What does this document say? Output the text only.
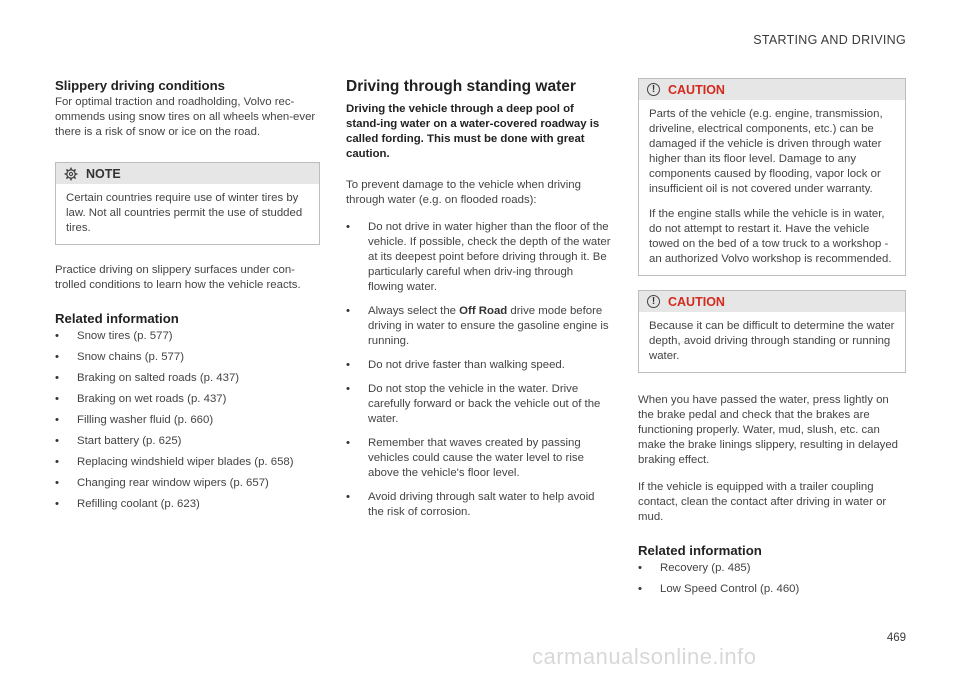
STARTING AND DRIVING
Slippery driving conditions

For optimal traction and roadholding, Volvo rec-ommends using snow tires on all wheels when-ever there is a risk of snow or ice on the road.

NOTE

Certain countries require use of winter tires by law. Not all countries permit the use of studded tires.

Practice driving on slippery surfaces under con-trolled conditions to learn how the vehicle reacts.

Related information
• Snow tires (p. 577)
• Snow chains (p. 577)
• Braking on salted roads (p. 437)
• Braking on wet roads (p. 437)
• Filling washer fluid (p. 660)
• Start battery (p. 625)
• Replacing windshield wiper blades (p. 658)
• Changing rear window wipers (p. 657)
• Refilling coolant (p. 623)
Driving through standing water

Driving the vehicle through a deep pool of stand-ing water on a water-covered roadway is called fording. This must be done with great caution.

To prevent damage to the vehicle when driving through water (e.g. on flooded roads):

• Do not drive in water higher than the floor of the vehicle. If possible, check the depth of the water at its deepest point before driving through it. Be particularly careful when driv-ing through flowing water.
• Always select the Off Road drive mode before driving in water to ensure the gasoline engine is running.
• Do not drive faster than walking speed.
• Do not stop the vehicle in the water. Drive carefully forward or back the vehicle out of the water.
• Remember that waves created by passing vehicles could cause the water level to rise above the vehicle's floor level.
• Avoid driving through salt water to help avoid the risk of corrosion.
!	CAUTION

Parts of the vehicle (e.g. engine, transmission, driveline, electrical components, etc.) can be damaged if the vehicle is driven through water higher than its floor level. Damage to any components caused by flooding, vapor lock or insufficient oil is not covered under warranty.

If the engine stalls while the vehicle is in water, do not attempt to restart it. Have the vehicle towed on the bed of a tow truck to a workshop - an authorized Volvo workshop is recommended.

!	CAUTION

Because it can be difficult to determine the water depth, avoid driving through standing or running water.

When you have passed the water, press lightly on the brake pedal and check that the brakes are functioning properly. Water, mud, slush, etc. can make the brake linings slippery, resulting in delayed braking effect.

If the vehicle is equipped with a trailer coupling contact, clean the contact after driving in water or mud.

Related information
• Recovery (p. 485)
• Low Speed Control (p. 460)
469
carmanualsonline.info
